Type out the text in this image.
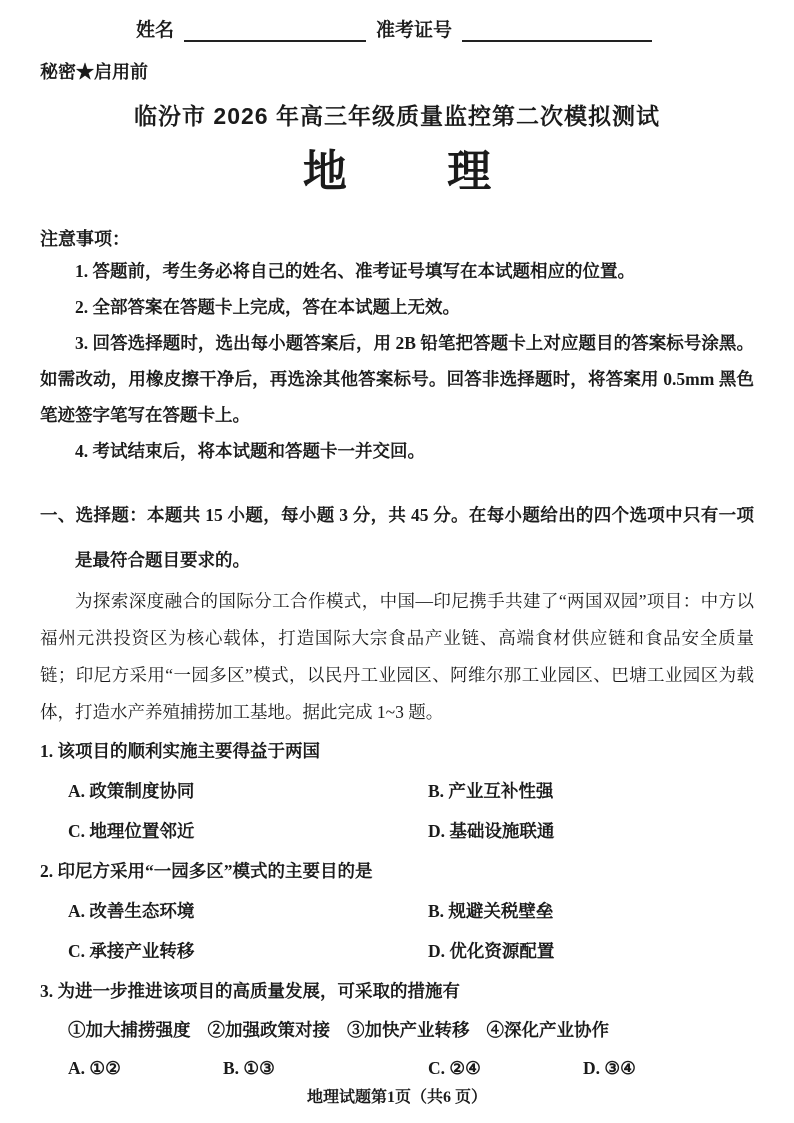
姓名	准考证号
秘密★启用前
临汾市 2026 年高三年级质量监控第二次模拟测试
地 理
注意事项：

1. 答题前，考生务必将自己的姓名、准考证号填写在本试题相应的位置。

2. 全部答案在答题卡上完成，答在本试题上无效。

3. 回答选择题时，选出每小题答案后，用 2B 铅笔把答题卡上对应题目的答案标号涂黑。如需改动，用橡皮擦干净后，再选涂其他答案标号。回答非选择题时，将答案用 0.5mm 黑色笔迹签字笔写在答题卡上。

4. 考试结束后，将本试题和答题卡一并交回。

一、选择题：本题共 15 小题，每小题 3 分，共 45 分。在每小题给出的四个选项中只有一项是最符合题目要求的。

为探索深度融合的国际分工合作模式，中国—印尼携手共建了“两国双园”项目：中方以福州元洪投资区为核心载体，打造国际大宗食品产业链、高端食材供应链和食品安全质量链；印尼方采用“一园多区”模式，以民丹工业园区、阿维尔那工业园区、巴塘工业园区为载体，打造水产养殖捕捞加工基地。据此完成 1~3 题。

1. 该项目的顺利实施主要得益于两国
A. 政策制度协同	B. 产业互补性强
C. 地理位置邻近	D. 基础设施联通
2. 印尼方采用“一园多区”模式的主要目的是
A. 改善生态环境	B. 规避关税壁垒
C. 承接产业转移	D. 优化资源配置
3. 为进一步推进该项目的高质量发展，可采取的措施有
①加大捕捞强度 ②加强政策对接 ③加快产业转移 ④深化产业协作
A. ①②	B. ①③	C. ②④	D. ③④
地理试题第1页（共6 页）
